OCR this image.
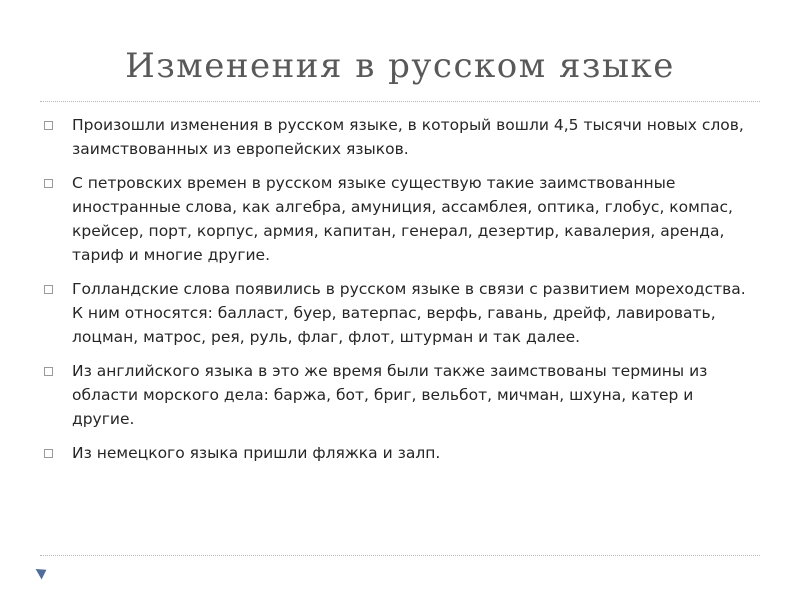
Изменения в русском языке
Произошли изменения в русском языке, в который вошли 4,5 тысячи новых слов, заимствованных из европейских языков.
С петровских времен в русском языке существую такие заимствованные иностранные слова, как алгебра, амуниция, ассамблея, оптика, глобус, компас, крейсер, порт, корпус, армия, капитан, генерал, дезертир, кавалерия, аренда, тариф и многие другие.
Голландские слова появились в русском языке в связи с развитием мореходства. К ним относятся: балласт, буер, ватерпас, верфь, гавань, дрейф, лавировать, лоцман, матрос, рея, руль, флаг, флот, штурман и так далее.
Из английского языка в это же время были также заимствованы термины из области морского дела: баржа, бот, бриг, вельбот, мичман, шхуна, катер и другие.
Из немецкого языка пришли фляжка и залп.
